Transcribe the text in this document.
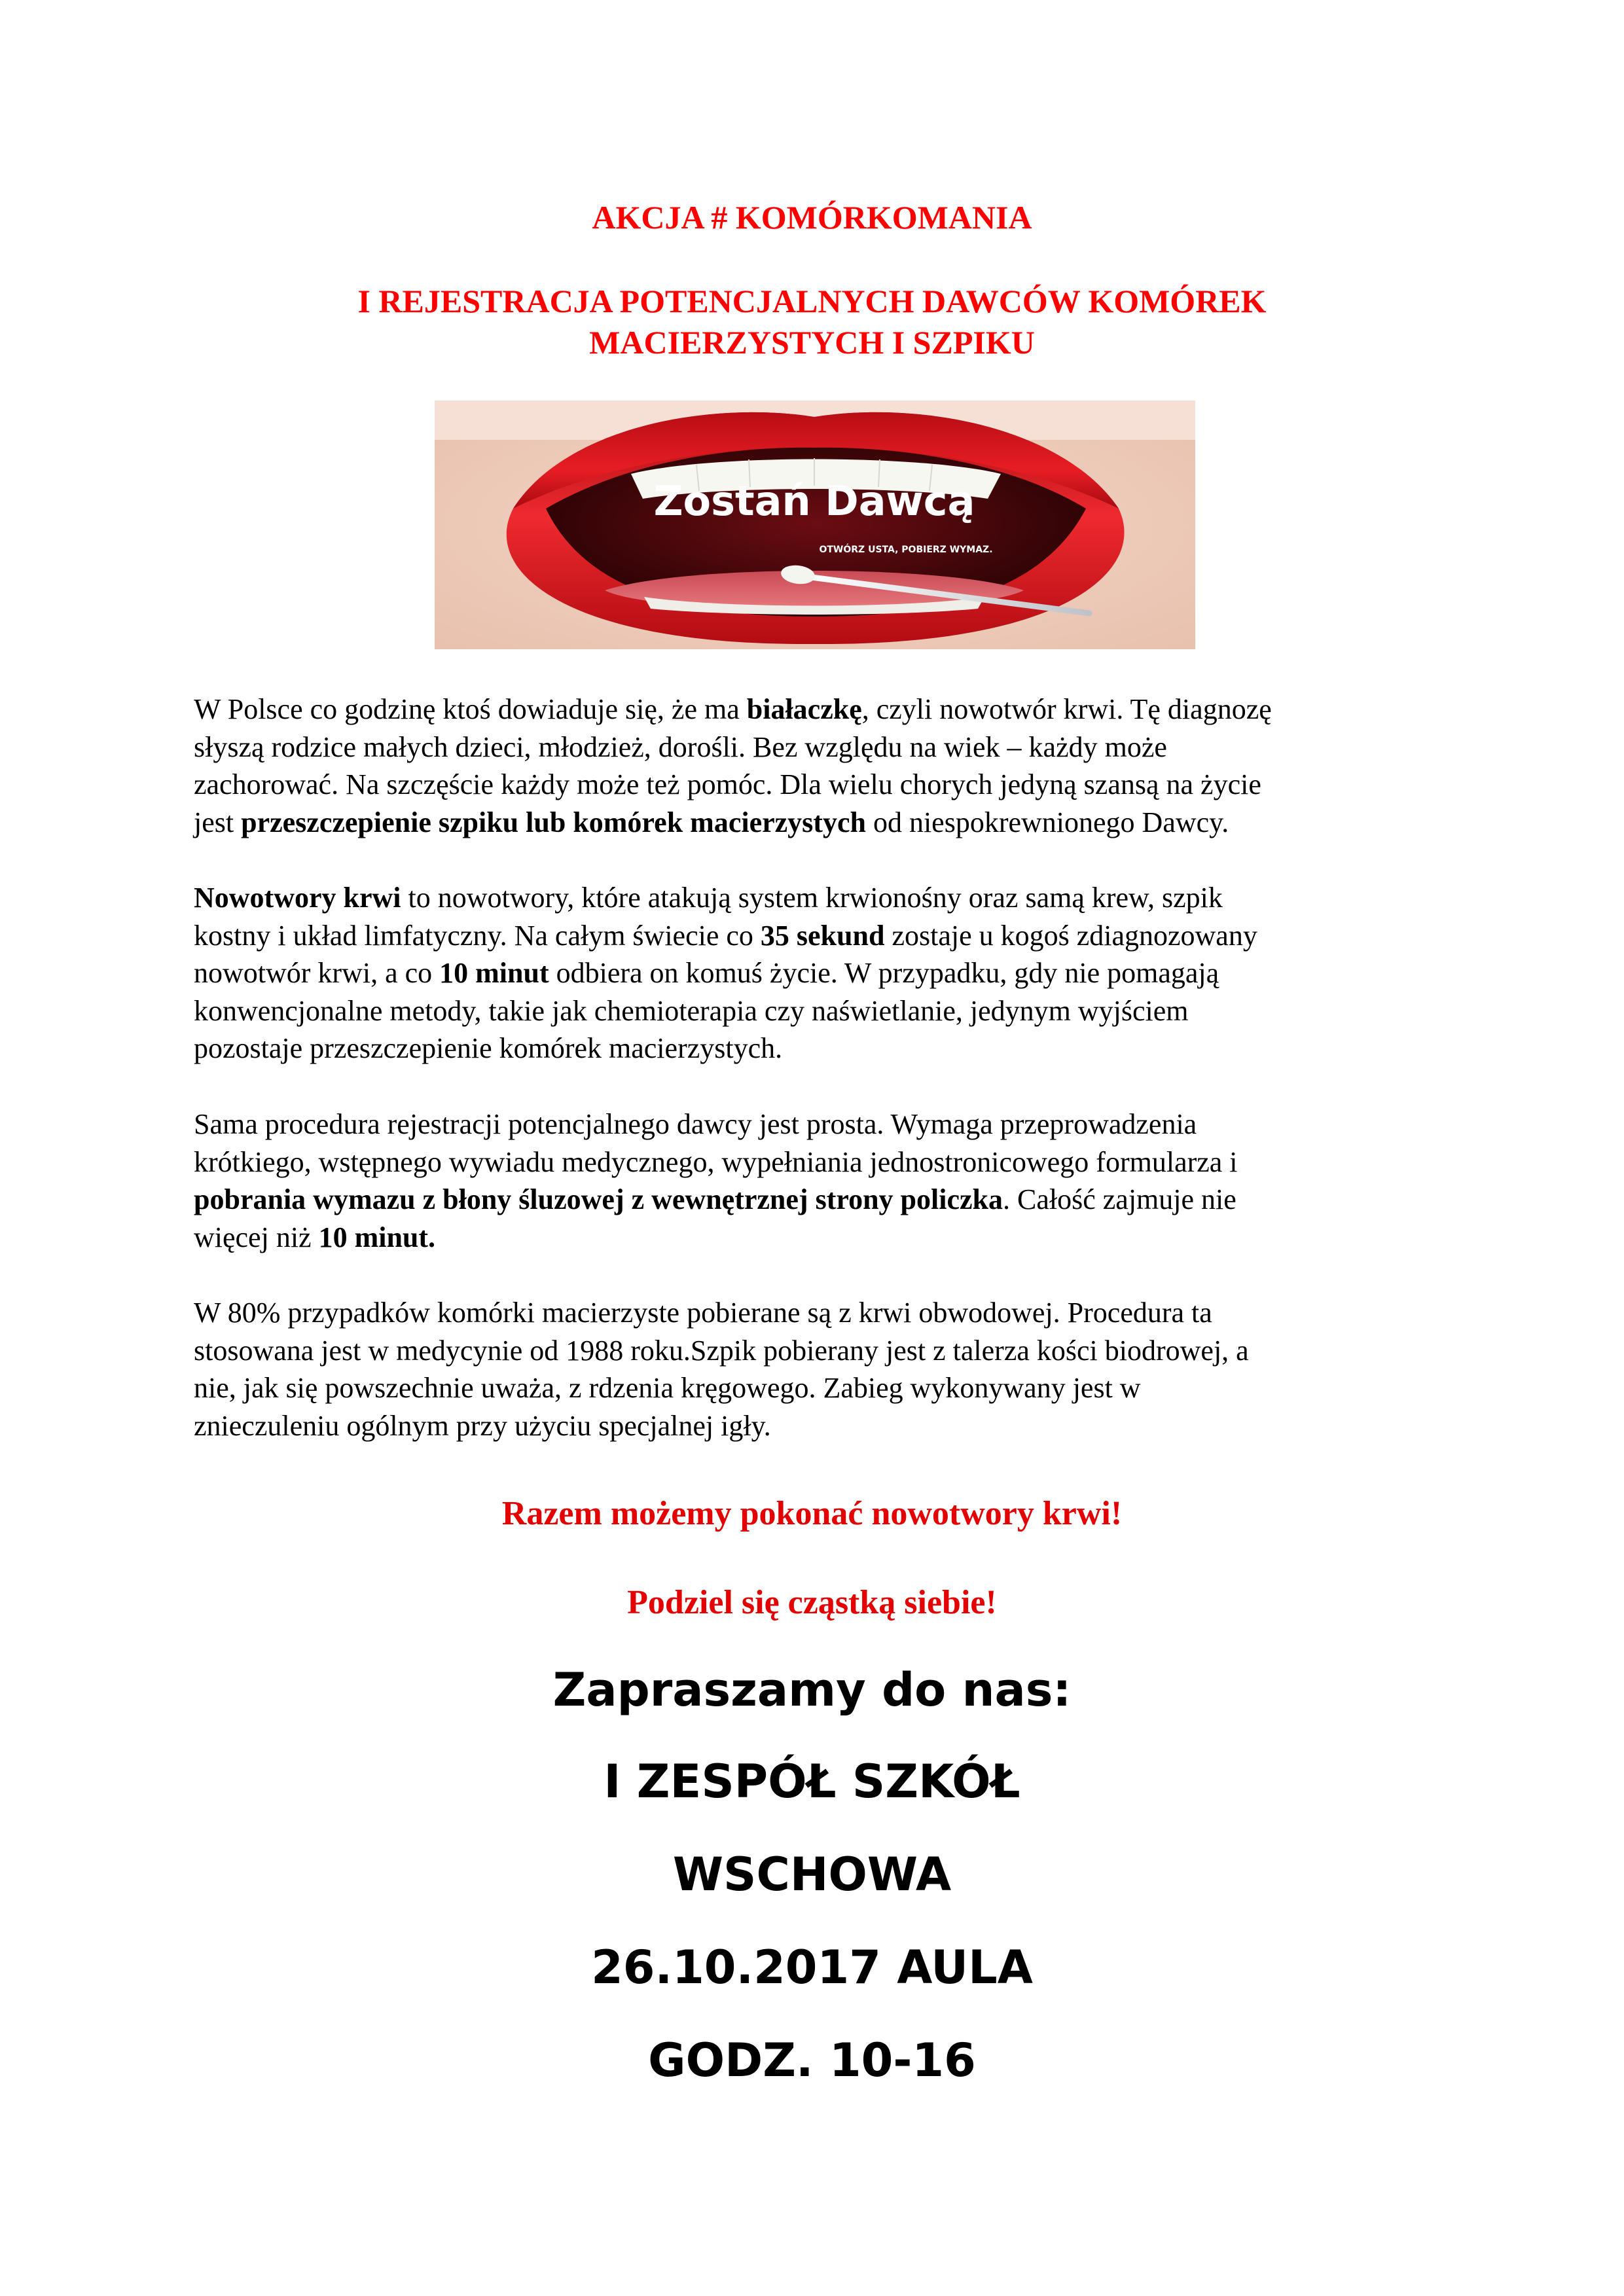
AKCJA # KOMÓRKOMANIA

I REJESTRACJA POTENCJALNYCH DAWCÓW KOMÓREK

MACIERZYSTYCH I SZPIKU

Zostań Dawcą
OTWÓRZ USTA, POBIERZ WYMAZ.
W Polsce co godzinę ktoś dowiaduje się, że ma białaczkę, czyli nowotwór krwi. Tę diagnozę
słyszą rodzice małych dzieci, młodzież, dorośli. Bez względu na wiek – każdy może
zachorować. Na szczęście każdy może też pomóc. Dla wielu chorych jedyną szansą na życie
jest przeszczepienie szpiku lub komórek macierzystych od niespokrewnionego Dawcy.
Nowotwory krwi to nowotwory, które atakują system krwionośny oraz samą krew, szpik
kostny i układ limfatyczny. Na całym świecie co 35 sekund zostaje u kogoś zdiagnozowany
nowotwór krwi, a co 10 minut odbiera on komuś życie. W przypadku, gdy nie pomagają
konwencjonalne metody, takie jak chemioterapia czy naświetlanie, jedynym wyjściem
pozostaje przeszczepienie komórek macierzystych.
Sama procedura rejestracji potencjalnego dawcy jest prosta. Wymaga przeprowadzenia
krótkiego, wstępnego wywiadu medycznego, wypełniania jednostronicowego formularza i
pobrania wymazu z błony śluzowej z wewnętrznej strony policzka. Całość zajmuje nie
więcej niż 10 minut.
W 80% przypadków komórki macierzyste pobierane są z krwi obwodowej. Procedura ta
stosowana jest w medycynie od 1988 roku.Szpik pobierany jest z talerza kości biodrowej, a
nie, jak się powszechnie uważa, z rdzenia kręgowego. Zabieg wykonywany jest w
znieczuleniu ogólnym przy użyciu specjalnej igły.

Razem możemy pokonać nowotwory krwi!

Podziel się cząstką siebie!

Zapraszamy do nas:

I ZESPÓŁ SZKÓŁ

WSCHOWA

26.10.2017 AULA

GODZ. 10-16
